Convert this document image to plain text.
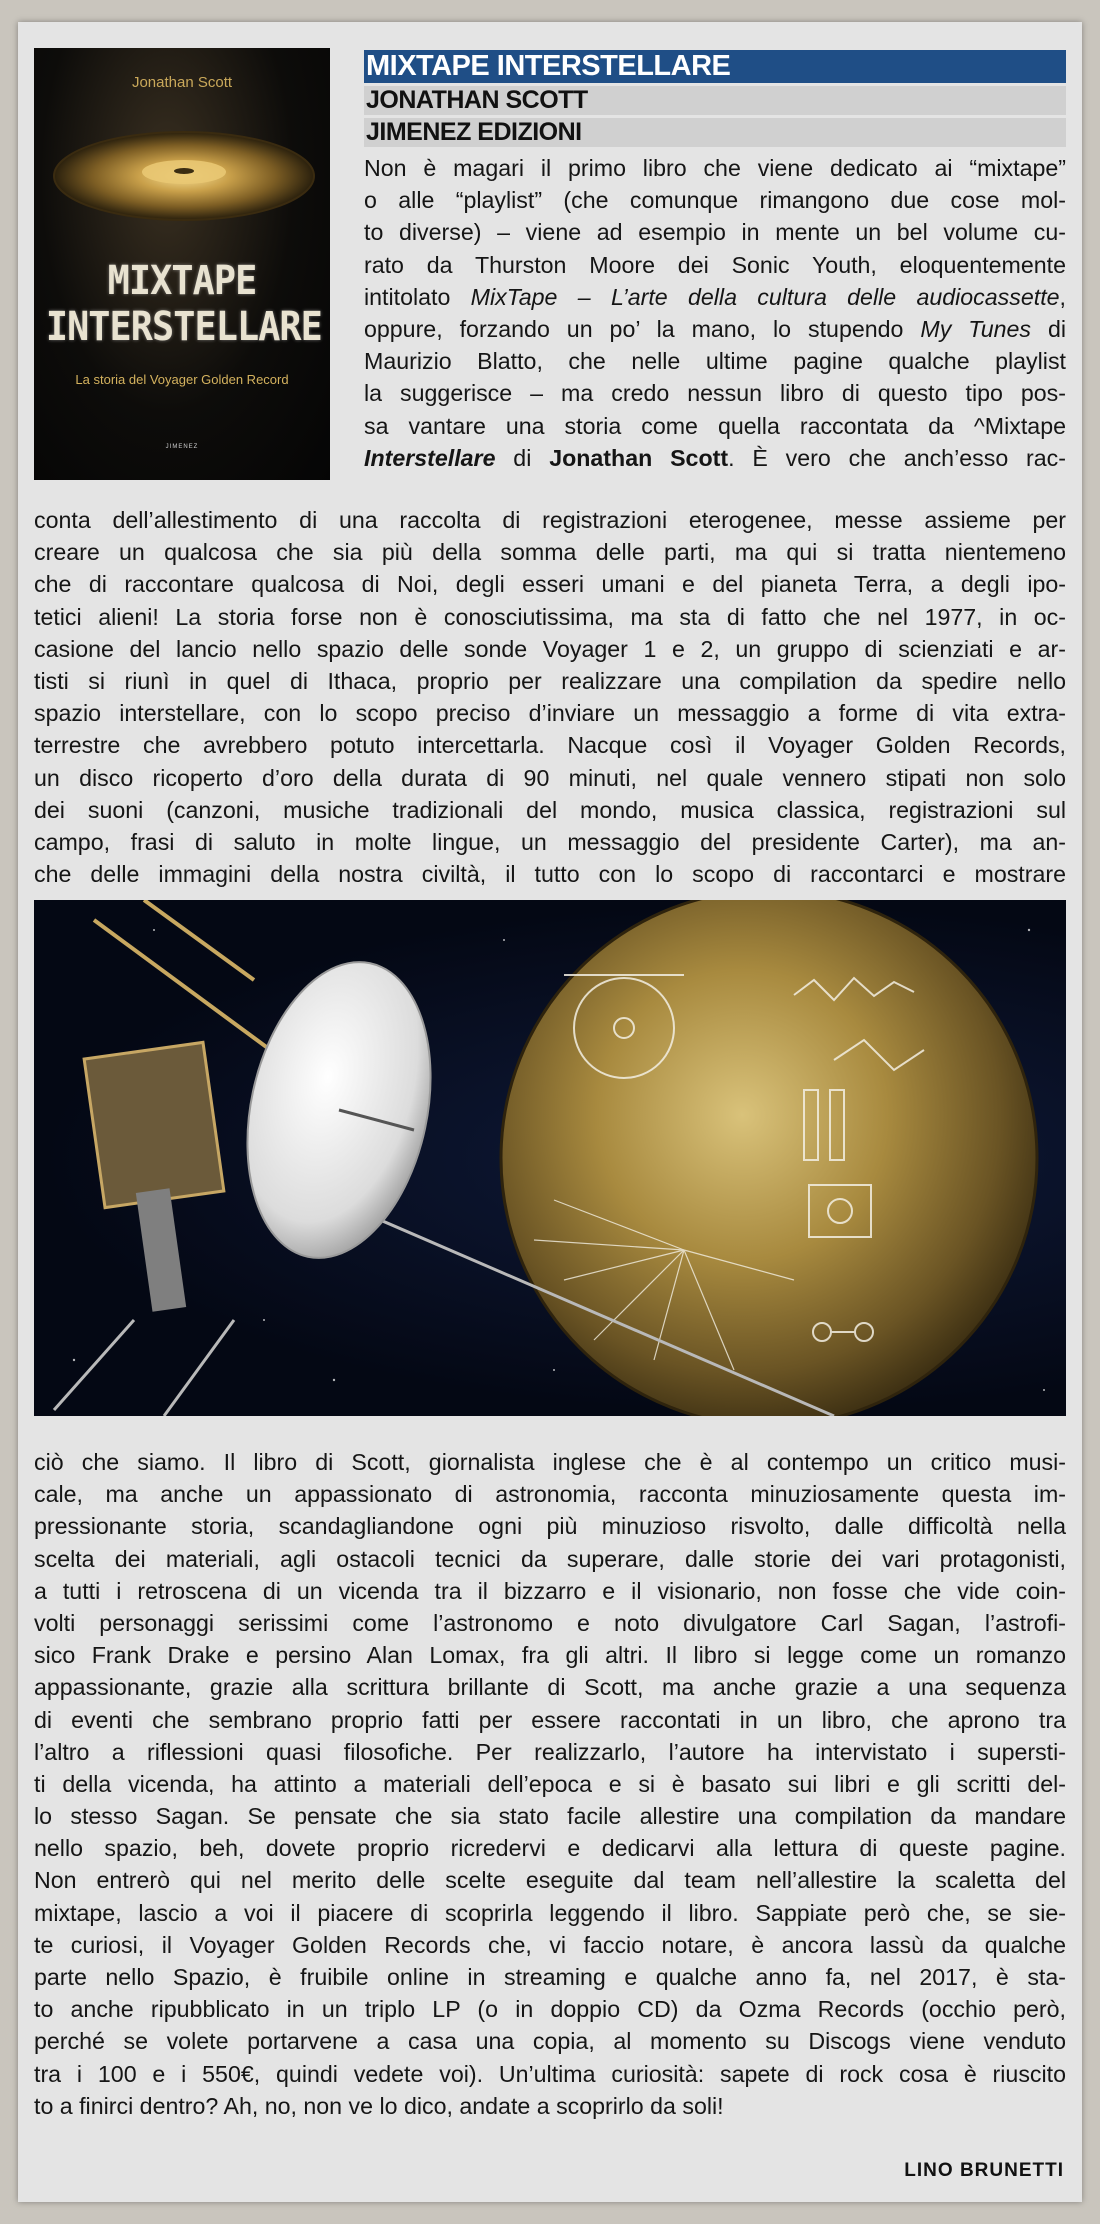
Jonathan Scott
MIXTAPE
INTERSTELLARE
La storia del Voyager Golden Record
JIMENEZ
MIXTAPE INTERSTELLARE
JONATHAN SCOTT
JIMENEZ EDIZIONI
Non è magari il primo libro che viene dedicato ai “mixtape”
o alle “playlist” (che comunque rimangono due cose mol-
to diverse) – viene ad esempio in mente un bel volume cu-
rato da Thurston Moore dei Sonic Youth, eloquentemente
intitolato MixTape – L’arte della cultura delle audiocassette,
oppure, forzando un po’ la mano, lo stupendo My Tunes di
Maurizio Blatto, che nelle ultime pagine qualche playlist
la suggerisce – ma credo nessun libro di questo tipo pos-
sa vantare una storia come quella raccontata da ^Mixtape
Interstellare di Jonathan Scott. È vero che anch’esso rac-
conta dell’allestimento di una raccolta di registrazioni eterogenee, messe assieme per
creare un qualcosa che sia più della somma delle parti, ma qui si tratta nientemeno
che di raccontare qualcosa di Noi, degli esseri umani e del pianeta Terra, a degli ipo-
tetici alieni! La storia forse non è conosciutissima, ma sta di fatto che nel 1977, in oc-
casione del lancio nello spazio delle sonde Voyager 1 e 2, un gruppo di scienziati e ar-
tisti si riunì in quel di Ithaca, proprio per realizzare una compilation da spedire nello
spazio interstellare, con lo scopo preciso d’inviare un messaggio a forme di vita extra-
terrestre che avrebbero potuto intercettarla. Nacque così il Voyager Golden Records,
un disco ricoperto d’oro della durata di 90 minuti, nel quale vennero stipati non solo
dei suoni (canzoni, musiche tradizionali del mondo, musica classica, registrazioni sul
campo, frasi di saluto in molte lingue, un messaggio del presidente Carter), ma an-
che delle immagini della nostra civiltà, il tutto con lo scopo di raccontarci e mostrare
ciò che siamo. Il libro di Scott, giornalista inglese che è al contempo un critico musi-
cale, ma anche un appassionato di astronomia, racconta minuziosamente questa im-
pressionante storia, scandagliandone ogni più minuzioso risvolto, dalle difficoltà nella
scelta dei materiali, agli ostacoli tecnici da superare, dalle storie dei vari protagonisti,
a tutti i retroscena di un vicenda tra il bizzarro e il visionario, non fosse che vide coin-
volti personaggi serissimi come l’astronomo e noto divulgatore Carl Sagan, l’astrofi-
sico Frank Drake e persino Alan Lomax, fra gli altri. Il libro si legge come un romanzo
appassionante, grazie alla scrittura brillante di Scott, ma anche grazie a una sequenza
di eventi che sembrano proprio fatti per essere raccontati in un libro, che aprono tra
l’altro a riflessioni quasi filosofiche. Per realizzarlo, l’autore ha intervistato i supersti-
ti della vicenda, ha attinto a materiali dell’epoca e si è basato sui libri e gli scritti del-
lo stesso Sagan. Se pensate che sia stato facile allestire una compilation da mandare
nello spazio, beh, dovete proprio ricredervi e dedicarvi alla lettura di queste pagine.
Non entrerò qui nel merito delle scelte eseguite dal team nell’allestire la scaletta del
mixtape, lascio a voi il piacere di scoprirla leggendo il libro. Sappiate però che, se sie-
te curiosi, il Voyager Golden Records che, vi faccio notare, è ancora lassù da qualche
parte nello Spazio, è fruibile online in streaming e qualche anno fa, nel 2017, è sta-
to anche ripubblicato in un triplo LP (o in doppio CD) da Ozma Records (occhio però,
perché se volete portarvene a casa una copia, al momento su Discogs viene venduto
tra i 100 e i 550€, quindi vedete voi). Un’ultima curiosità: sapete di rock cosa è riuscito
to a finirci dentro? Ah, no, non ve lo dico, andate a scoprirlo da soli!
LINO BRUNETTI
